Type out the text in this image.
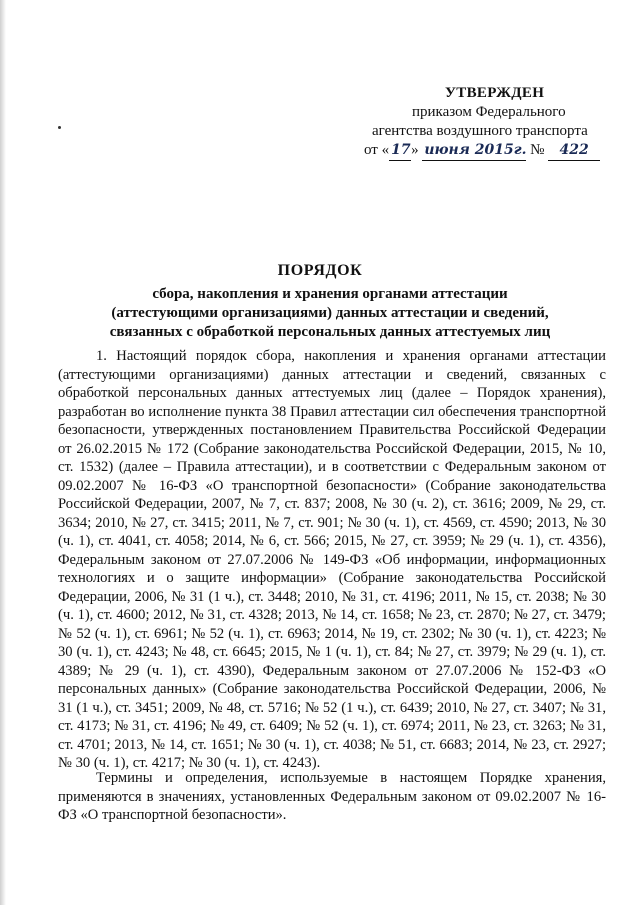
УТВЕРЖДЕН
приказом Федерального
агентства воздушного транспорта
от « 17» июня 2015г. № 422
ПОРЯДОК
сбора, накопления и хранения органами аттестации
(аттестующими организациями) данных аттестации и сведений,
связанных с обработкой персональных данных аттестуемых лиц

1. Настоящий порядок сбора, накопления и хранения органами аттестации (аттестующими организациями) данных аттестации и сведений, связанных с обработкой персональных данных аттестуемых лиц (далее – Порядок хранения), разработан во исполнение пункта 38 Правил аттестации сил обеспечения транспортной безопасности, утвержденных постановлением Правительства Российской Федерации от 26.02.2015 № 172 (Собрание законодательства Российской Федерации, 2015, № 10, ст. 1532) (далее – Правила аттестации), и в соответствии с Федеральным законом от 09.02.2007 № 16-ФЗ «О транспортной безопасности» (Собрание законодательства Российской Федерации, 2007, № 7, ст. 837; 2008, № 30 (ч. 2), ст. 3616; 2009, № 29, ст. 3634; 2010, № 27, ст. 3415; 2011, № 7, ст. 901; № 30 (ч. 1), ст. 4569, ст. 4590; 2013, № 30 (ч. 1), ст. 4041, ст. 4058; 2014, № 6, ст. 566; 2015, № 27, ст. 3959; № 29 (ч. 1), ст. 4356), Федеральным законом от 27.07.2006 № 149-ФЗ «Об информации, информационных технологиях и о защите информации» (Собрание законодательства Российской Федерации, 2006, № 31 (1 ч.), ст. 3448; 2010, № 31, ст. 4196; 2011, № 15, ст. 2038; № 30 (ч. 1), ст. 4600; 2012, № 31, ст. 4328; 2013, № 14, ст. 1658; № 23, ст. 2870; № 27, ст. 3479; № 52 (ч. 1), ст. 6961; № 52 (ч. 1), ст. 6963; 2014, № 19, ст. 2302; № 30 (ч. 1), ст. 4223; № 30 (ч. 1), ст. 4243; № 48, ст. 6645; 2015, № 1 (ч. 1), ст. 84; № 27, ст. 3979; № 29 (ч. 1), ст. 4389; № 29 (ч. 1), ст. 4390), Федеральным законом от 27.07.2006 № 152-ФЗ «О персональных данных» (Собрание законодательства Российской Федерации, 2006, № 31 (1 ч.), ст. 3451; 2009, № 48, ст. 5716; № 52 (1 ч.), ст. 6439; 2010, № 27, ст. 3407; № 31, ст. 4173; № 31, ст. 4196; № 49, ст. 6409; № 52 (ч. 1), ст. 6974; 2011, № 23, ст. 3263; № 31, ст. 4701; 2013, № 14, ст. 1651; № 30 (ч. 1), ст. 4038; № 51, ст. 6683; 2014, № 23, ст. 2927; № 30 (ч. 1), ст. 4217; № 30 (ч. 1), ст. 4243).

Термины и определения, используемые в настоящем Порядке хранения, применяются в значениях, установленных Федеральным законом от 09.02.2007 № 16-ФЗ «О транспортной безопасности».
